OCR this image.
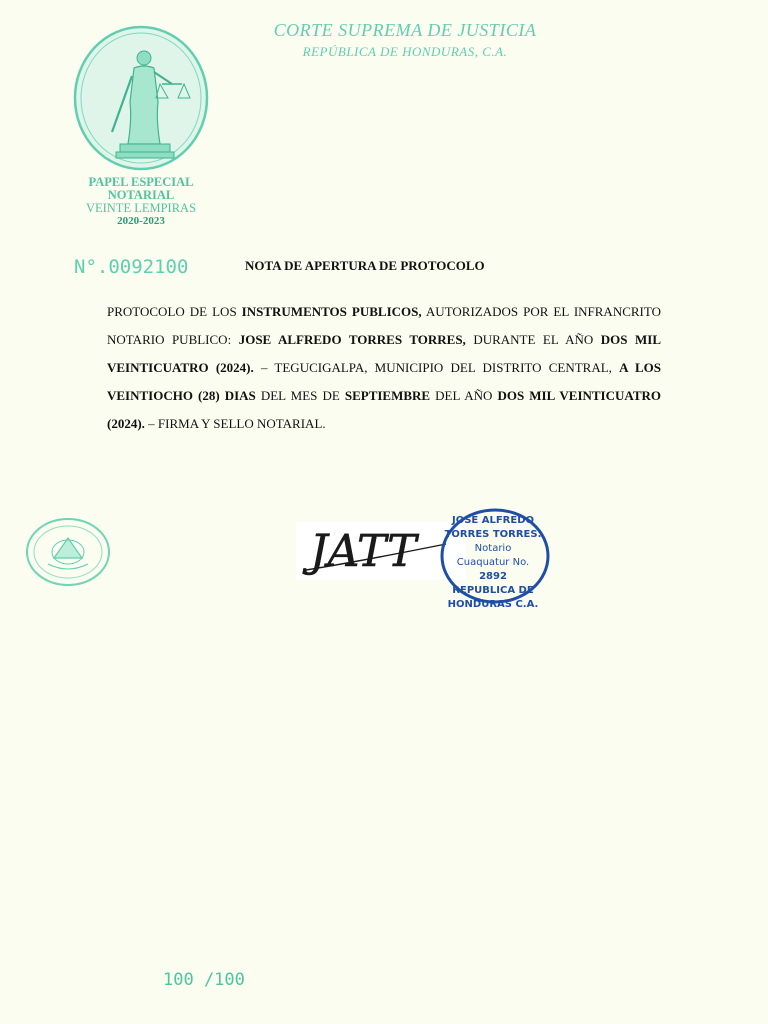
CORTE SUPREMA DE JUSTICIA
REPÚBLICA DE HONDURAS, C.A.
PAPEL ESPECIAL
NOTARIAL
VEINTE LEMPIRAS
2020-2023
N°.0092100	NOTA DE APERTURA DE PROTOCOLO
PROTOCOLO DE LOS INSTRUMENTOS PUBLICOS, AUTORIZADOS POR EL INFRANCRITO NOTARIO PUBLICO: JOSE ALFREDO TORRES TORRES, DURANTE EL AÑO DOS MIL VEINTICUATRO (2024). – TEGUCIGALPA, MUNICIPIO DEL DISTRITO CENTRAL, A LOS VEINTIOCHO (28) DIAS DEL MES DE SEPTIEMBRE DEL AÑO DOS MIL VEINTICUATRO (2024). – FIRMA Y SELLO NOTARIAL.
JATT
JOSE ALFREDO
TORRES TORRES.
Notario
Cuaquatur No.
2892
REPUBLICA DE
HONDURAS C.A.
100 /100
